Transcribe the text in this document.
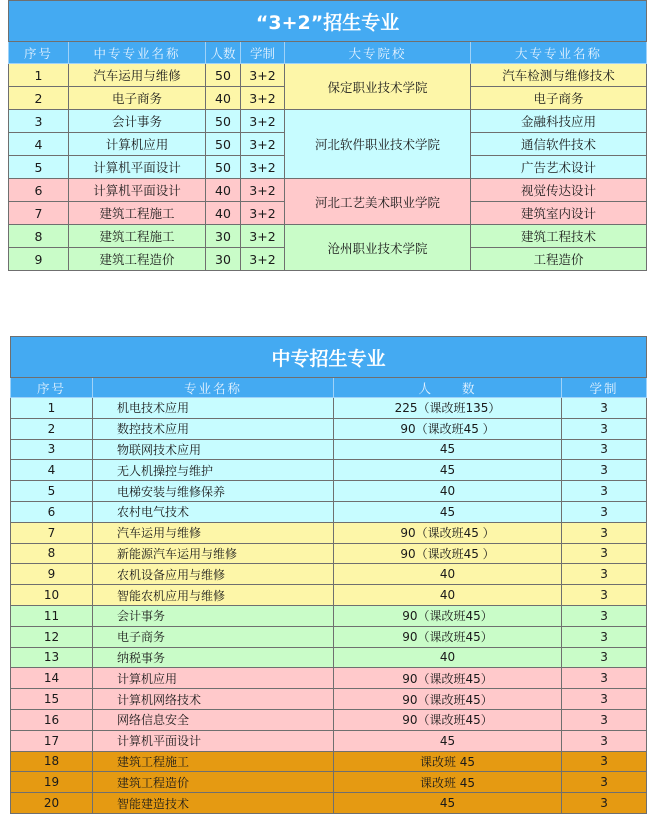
“3+2”招生专业					
序号	中专专业名称	人数	学制	大专院校	大专专业名称
1	汽车运用与维修	50	3+2	保定职业技术学院	汽车检测与维修技术
2	电子商务	40	3+2		电子商务
3	会计事务	50	3+2	河北软件职业技术学院	金融科技应用
4	计算机应用	50	3+2		通信软件技术
5	计算机平面设计	50	3+2		广告艺术设计
6	计算机平面设计	40	3+2	河北工艺美术职业学院	视觉传达设计
7	建筑工程施工	40	3+2		建筑室内设计
8	建筑工程施工	30	3+2	沧州职业技术学院	建筑工程技术
9	建筑工程造价	30	3+2		工程造价
中专招生专业			
序号	专业名称	人　　数	学制
1	机电技术应用	225（课改班135）	3
2	数控技术应用	90（课改班45 ）	3
3	物联网技术应用	45	3
4	无人机操控与维护	45	3
5	电梯安装与维修保养	40	3
6	农村电气技术	45	3
7	汽车运用与维修	90（课改班45 ）	3
8	新能源汽车运用与维修	90（课改班45 ）	3
9	农机设备应用与维修	40	3
10	智能农机应用与维修	40	3
11	会计事务	90（课改班45）	3
12	电子商务	90（课改班45）	3
13	纳税事务	40	3
14	计算机应用	90（课改班45）	3
15	计算机网络技术	90（课改班45）	3
16	网络信息安全	90（课改班45）	3
17	计算机平面设计	45	3
18	建筑工程施工	课改班 45	3
19	建筑工程造价	课改班 45	3
20	智能建造技术	45	3
